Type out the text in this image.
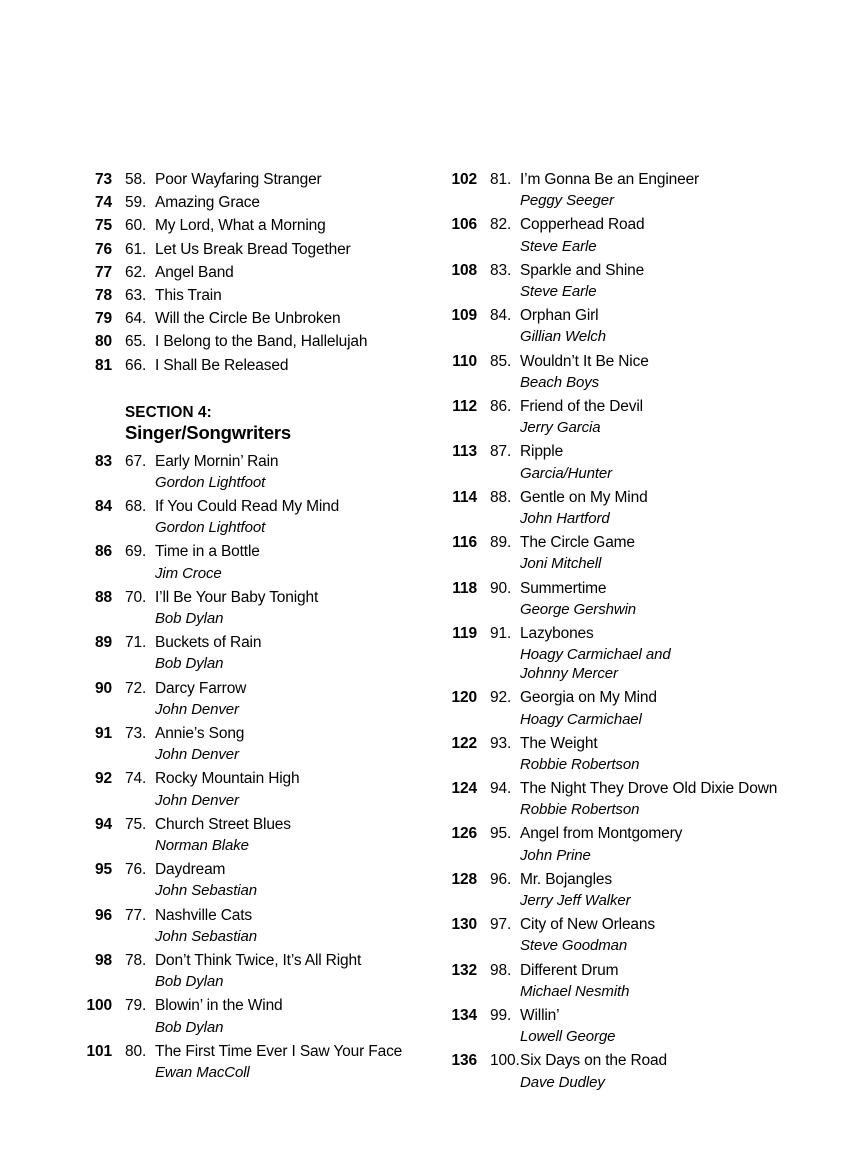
73 58. Poor Wayfaring Stranger
74 59. Amazing Grace
75 60. My Lord, What a Morning
76 61. Let Us Break Bread Together
77 62. Angel Band
78 63. This Train
79 64. Will the Circle Be Unbroken
80 65. I Belong to the Band, Hallelujah
81 66. I Shall Be Released
SECTION 4:
Singer/Songwriters
83 67. Early Mornin’ Rain
Gordon Lightfoot
84 68. If You Could Read My Mind
Gordon Lightfoot
86 69. Time in a Bottle
Jim Croce
88 70. I’ll Be Your Baby Tonight
Bob Dylan
89 71. Buckets of Rain
Bob Dylan
90 72. Darcy Farrow
John Denver
91 73. Annie’s Song
John Denver
92 74. Rocky Mountain High
John Denver
94 75. Church Street Blues
Norman Blake
95 76. Daydream
John Sebastian
96 77. Nashville Cats
John Sebastian
98 78. Don’t Think Twice, It’s All Right
Bob Dylan
100 79. Blowin’ in the Wind
Bob Dylan
101 80. The First Time Ever I Saw Your Face
Ewan MacColl
102 81. I’m Gonna Be an Engineer
Peggy Seeger
106 82. Copperhead Road
Steve Earle
108 83. Sparkle and Shine
Steve Earle
109 84. Orphan Girl
Gillian Welch
110 85. Wouldn’t It Be Nice
Beach Boys
112 86. Friend of the Devil
Jerry Garcia
113 87. Ripple
Garcia/Hunter
114 88. Gentle on My Mind
John Hartford
116 89. The Circle Game
Joni Mitchell
118 90. Summertime
George Gershwin
119 91. Lazybones
Hoagy Carmichael and
Johnny Mercer
120 92. Georgia on My Mind
Hoagy Carmichael
122 93. The Weight
Robbie Robertson
124 94. The Night They Drove Old Dixie Down
Robbie Robertson
126 95. Angel from Montgomery
John Prine
128 96. Mr. Bojangles
Jerry Jeff Walker
130 97. City of New Orleans
Steve Goodman
132 98. Different Drum
Michael Nesmith
134 99. Willin’
Lowell George
136 100. Six Days on the Road
Dave Dudley
